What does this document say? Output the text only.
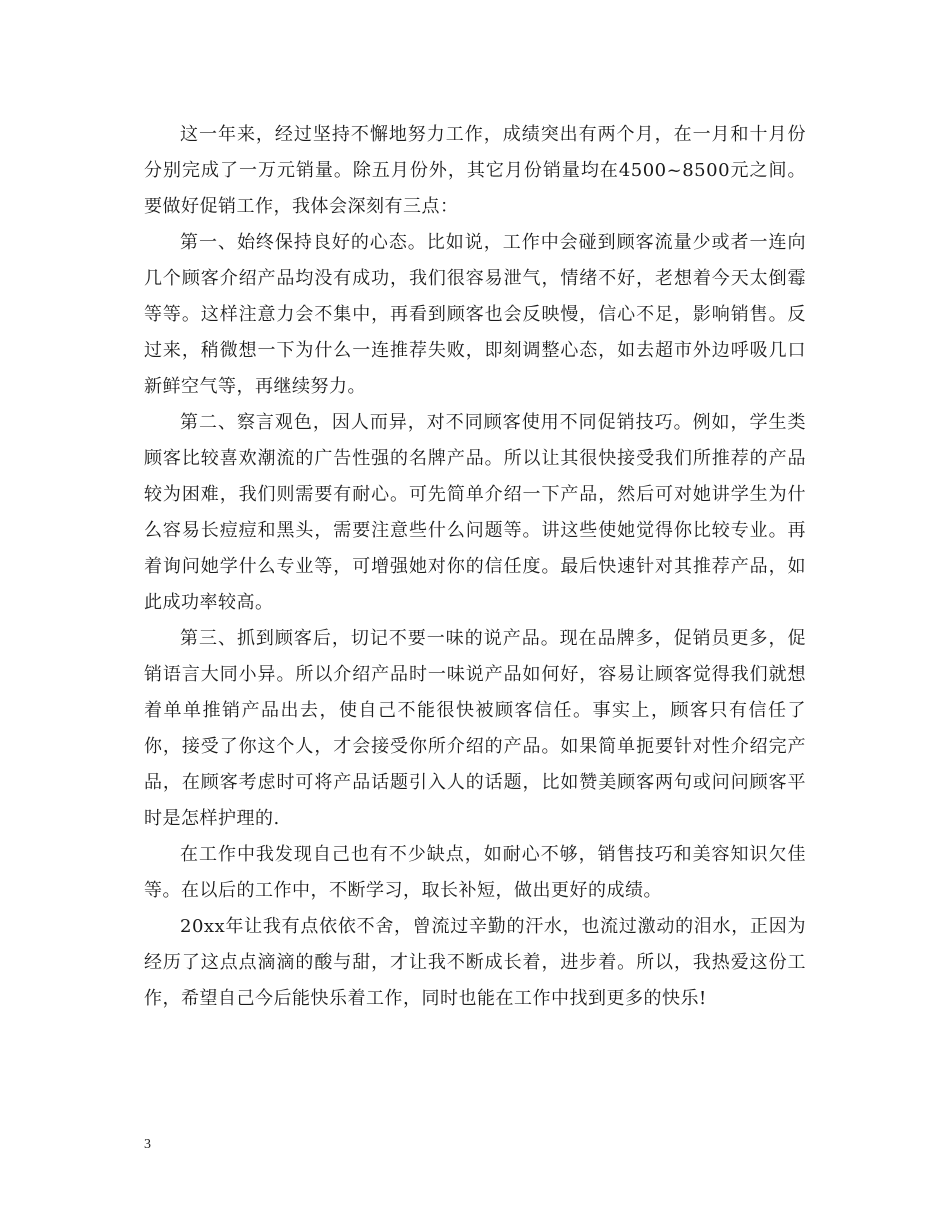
这一年来，经过坚持不懈地努力工作，成绩突出有两个月，在一月和十月份分别完成了一万元销量。除五月份外，其它月份销量均在4500~8500元之间。 要做好促销工作，我体会深刻有三点：

第一、始终保持良好的心态。比如说，工作中会碰到顾客流量少或者一连向几个顾客介绍产品均没有成功，我们很容易泄气，情绪不好，老想着今天太倒霉等等。这样注意力会不集中，再看到顾客也会反映慢，信心不足，影响销售。反过来，稍微想一下为什么一连推荐失败，即刻调整心态，如去超市外边呼吸几口新鲜空气等，再继续努力。

第二、察言观色，因人而异，对不同顾客使用不同促销技巧。例如，学生类顾客比较喜欢潮流的广告性强的名牌产品。所以让其很快接受我们所推荐的产品较为困难，我们则需要有耐心。可先简单介绍一下产品，然后可对她讲学生为什么容易长痘痘和黑头，需要注意些什么问题等。讲这些使她觉得你比较专业。再着询问她学什么专业等，可增强她对你的信任度。最后快速针对其推荐产品，如此成功率较高。

第三、抓到顾客后，切记不要一味的说产品。现在品牌多，促销员更多，促销语言大同小异。所以介绍产品时一味说产品如何好，容易让顾客觉得我们就想着单单推销产品出去，使自己不能很快被顾客信任。事实上，顾客只有信任了你，接受了你这个人，才会接受你所介绍的产品。如果简单扼要针对性介绍完产品，在顾客考虑时可将产品话题引入人的话题，比如赞美顾客两句或问问顾客平时是怎样护理的.

在工作中我发现自己也有不少缺点，如耐心不够，销售技巧和美容知识欠佳等。在以后的工作中，不断学习，取长补短，做出更好的成绩。

20xx年让我有点依依不舍，曾流过辛勤的汗水，也流过激动的泪水，正因为经历了这点点滴滴的酸与甜，才让我不断成长着，进步着。所以，我热爱这份工作，希望自己今后能快乐着工作，同时也能在工作中找到更多的快乐!

3
